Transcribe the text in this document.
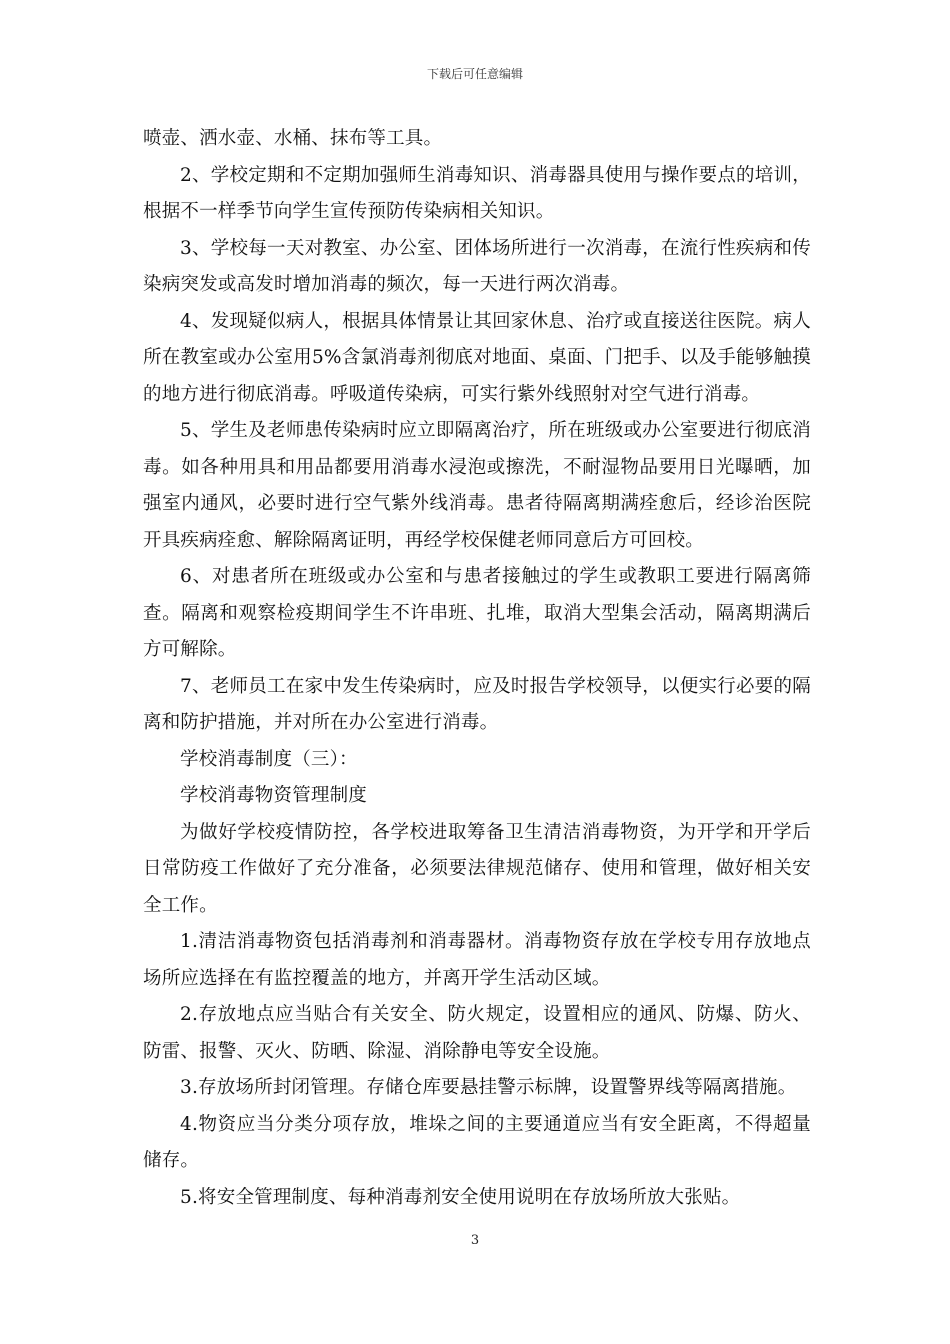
下载后可任意编辑

喷壶、洒水壶、水桶、抹布等工具。

2、学校定期和不定期加强师生消毒知识、消毒器具使用与操作要点的培训，根据不一样季节向学生宣传预防传染病相关知识。

3、学校每一天对教室、办公室、团体场所进行一次消毒，在流行性疾病和传染病突发或高发时增加消毒的频次，每一天进行两次消毒。

4、发现疑似病人，根据具体情景让其回家休息、治疗或直接送往医院。病人所在教室或办公室用5%含氯消毒剂彻底对地面、桌面、门把手、以及手能够触摸的地方进行彻底消毒。呼吸道传染病，可实行紫外线照射对空气进行消毒。

5、学生及老师患传染病时应立即隔离治疗，所在班级或办公室要进行彻底消毒。如各种用具和用品都要用消毒水浸泡或擦洗，不耐湿物品要用日光曝晒，加强室内通风，必要时进行空气紫外线消毒。患者待隔离期满痊愈后，经诊治医院开具疾病痊愈、解除隔离证明，再经学校保健老师同意后方可回校。

6、对患者所在班级或办公室和与患者接触过的学生或教职工要进行隔离筛查。隔离和观察检疫期间学生不许串班、扎堆，取消大型集会活动，隔离期满后方可解除。

7、老师员工在家中发生传染病时，应及时报告学校领导，以便实行必要的隔离和防护措施，并对所在办公室进行消毒。

学校消毒制度（三）：

学校消毒物资管理制度

为做好学校疫情防控，各学校进取筹备卫生清洁消毒物资，为开学和开学后日常防疫工作做好了充分准备，必须要法律规范储存、使用和管理，做好相关安全工作。

1.清洁消毒物资包括消毒剂和消毒器材。消毒物资存放在学校专用存放地点场所应选择在有监控覆盖的地方，并离开学生活动区域。

2.存放地点应当贴合有关安全、防火规定，设置相应的通风、防爆、防火、防雷、报警、灭火、防晒、除湿、消除静电等安全设施。

3.存放场所封闭管理。存储仓库要悬挂警示标牌，设置警界线等隔离措施。

4.物资应当分类分项存放，堆垛之间的主要通道应当有安全距离，不得超量储存。

5.将安全管理制度、每种消毒剂安全使用说明在存放场所放大张贴。

3
